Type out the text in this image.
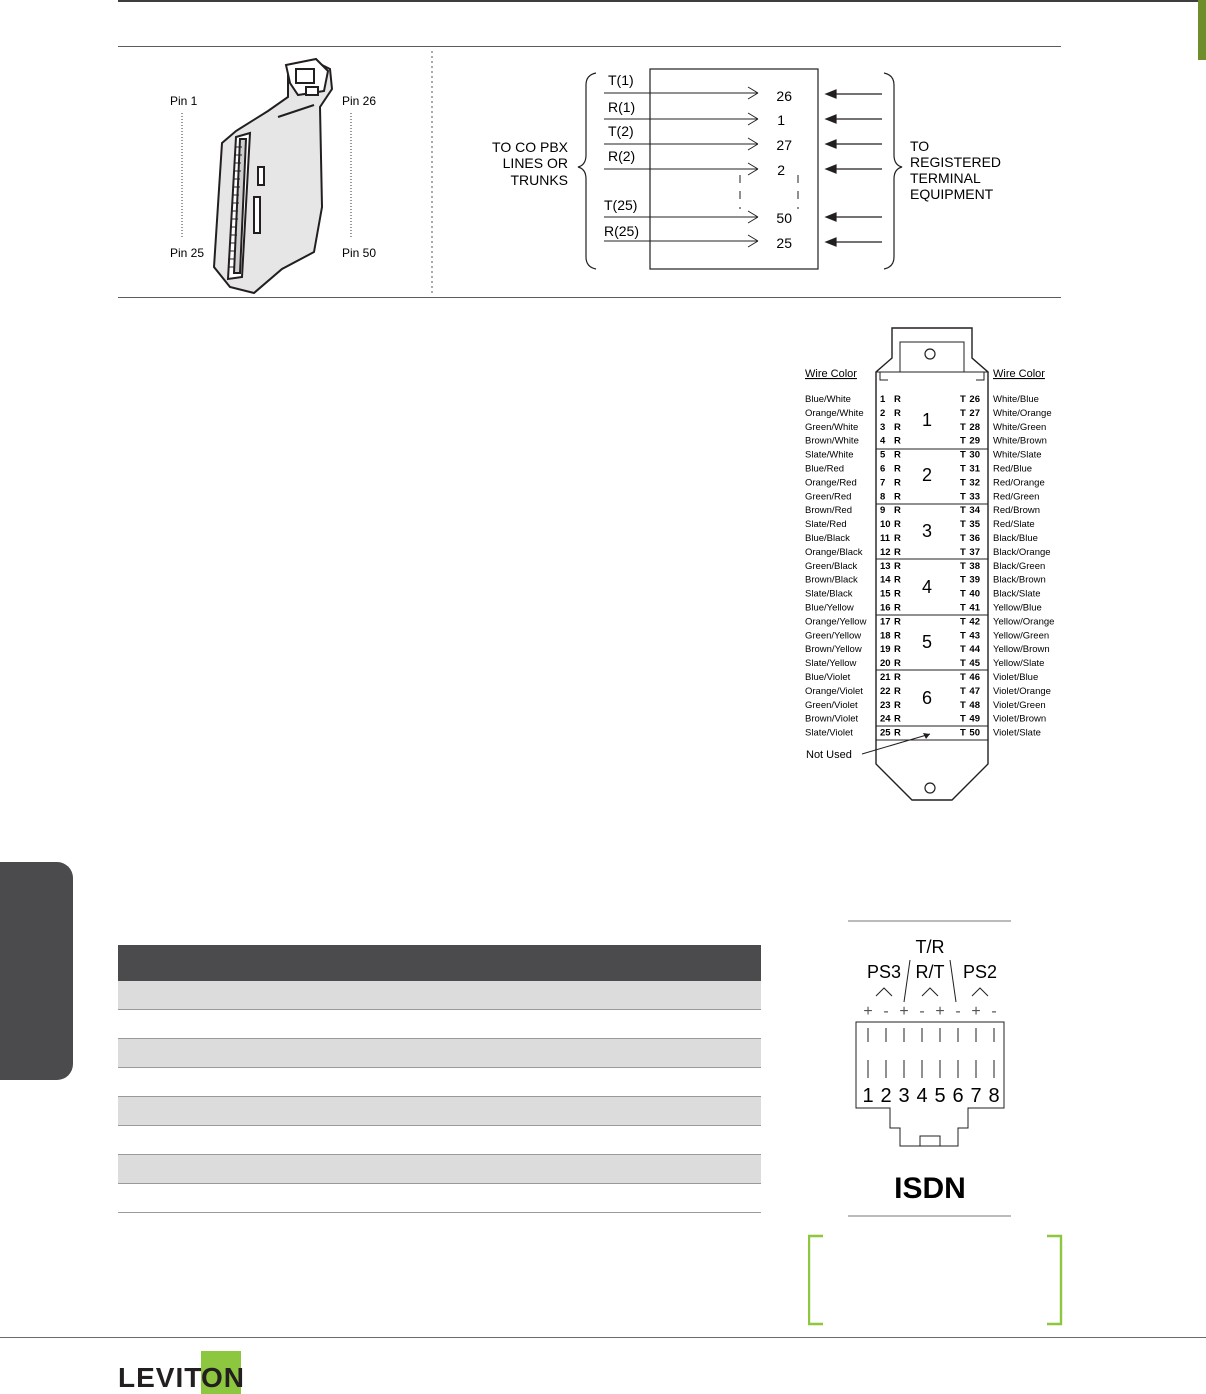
Pin 1
Pin 25
Pin 26
Pin 50
TO CO PBX
LINES OR
TRUNKS
T(1)
R(1)
T(2)
R(2)
T(25)
R(25)
26
1
27
2
50
25
TO
REGISTERED
TERMINAL
EQUIPMENT
Wire Color	Wire Color
Blue/White	1 R	T 26 White/Blue
Orange/White 2 R	T 27 White/Orange
Green/White 3 R	T 28 White/Green
Brown/White 4 R	T 29 White/Brown
Slate/White	5 R	T 30 White/Slate
Blue/Red	6 R	T 31 Red/Blue
Orange/Red 7 R	T 32 Red/Orange
Green/Red	8 R	T 33 Red/Green
Brown/Red	9 R	T 34 Red/Brown
Slate/Red	10 R	T 35 Red/Slate
Blue/Black	11 R	T 36 Black/Blue
Orange/Black 12 R	T 37 Black/Orange
Green/Black 13 R	T 38 Black/Green
Brown/Black 14 R	T 39 Black/Brown
Slate/Black	15 R	T 40 Black/Slate
Blue/Yellow	16 R	T 41 Yellow/Blue
Orange/Yellow 17 R	T 42 Yellow/Orange
Green/Yellow 18 R	T 43 Yellow/Green
Brown/Yellow 19 R	T 44 Yellow/Brown
Slate/Yellow 20 R	T 45 Yellow/Slate
Blue/Violet	21 R	T 46 Violet/Blue
Orange/Violet 22 R	T 47 Violet/Orange
Green/Violet 23 R	T 48 Violet/Green
Brown/Violet 24 R	T 49 Violet/Brown
Slate/Violet	25 R	T 50 Violet/Slate
1
2
3
4
5
6
Not Used
T/R
PS3 R/T PS2
+ - + - + - + -
1 2 3 4 5 6 7 8
ISDN
LEVIT
ON
